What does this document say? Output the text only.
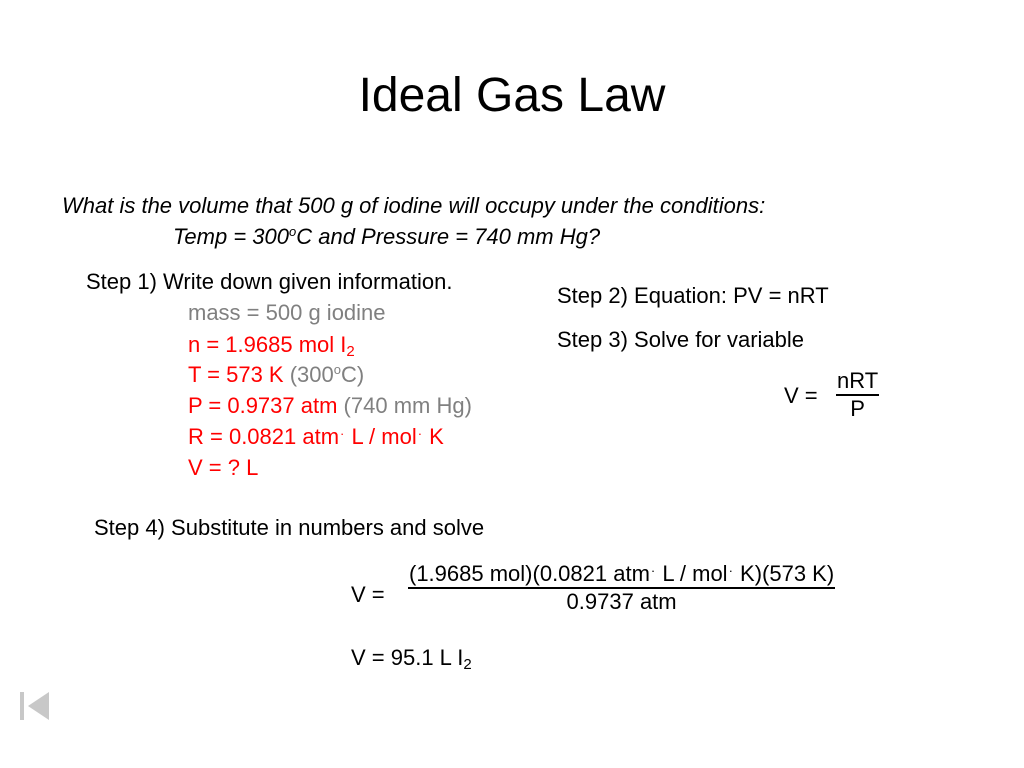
Ideal Gas Law
What is the volume that 500 g of iodine will occupy under the conditions:
Temp = $300^oC$ and Pressure = 740 mm Hg?
Step 1) Write down given information.
mass = 500 g iodine
n = 1.9685 mol $I_2$
T = 573 K (300$^o$C)
P = 0.9737 atm (740 mm Hg)
R = 0.0821 atm· L / mol· K
V = ? L
Step 2) Equation: PV = nRT
Step 3) Solve for variable
V =
nRT
P
Step 4) Substitute in numbers and solve
V =
(1.9685 mol)(0.0821 atm· L / mol· K)(573 K)
0.9737 atm
V = 95.1 L $I_2$
